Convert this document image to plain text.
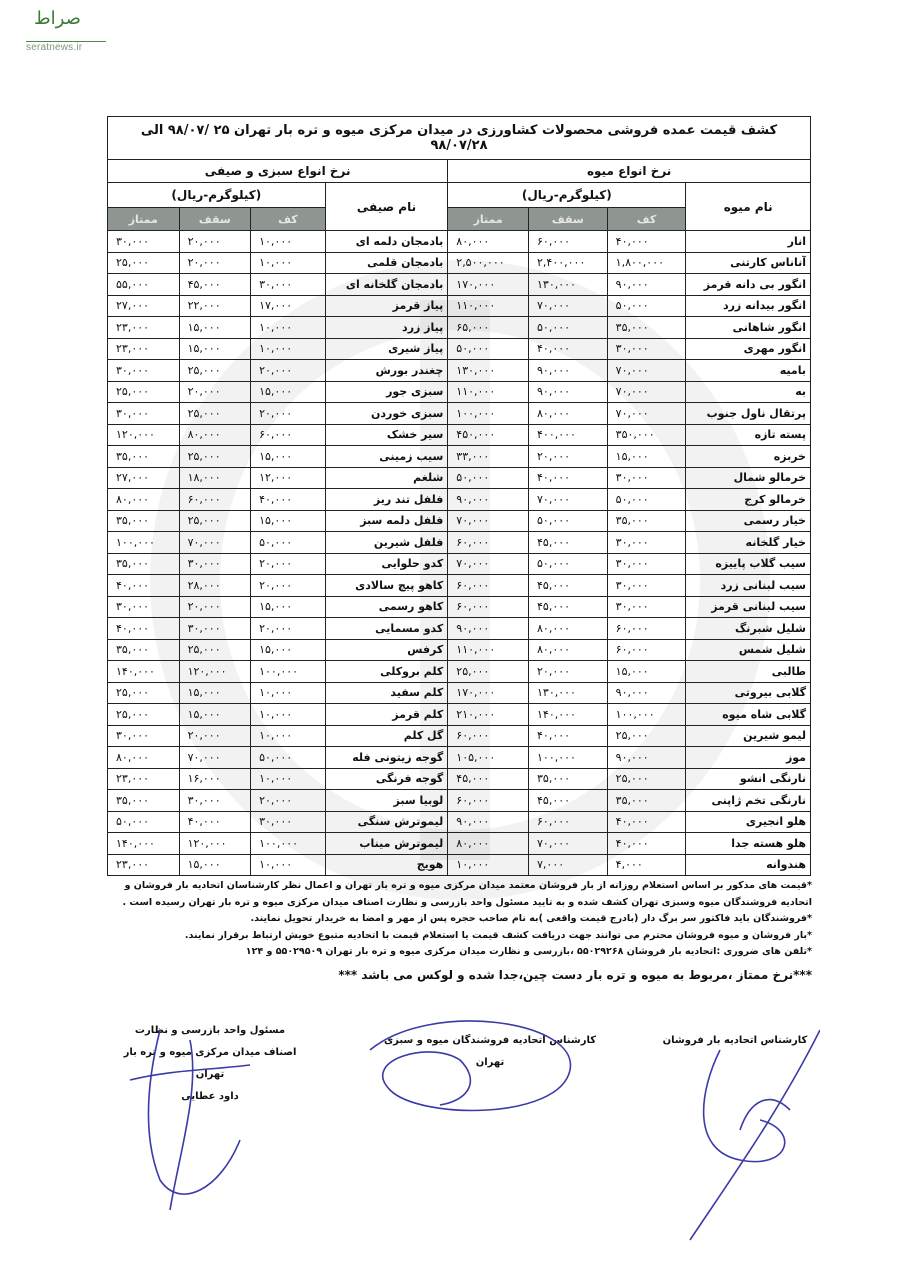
صراط
seratnews.ir
کشف قیمت عمده فروشی محصولات کشاورزی در میدان مرکزی میوه و تره بار تهران ۲۵ /۹۸/۰۷ الی ۹۸/۰۷/۲۸							
نرخ انواع میوه				نرخ انواع سبزی و صیفی			
نام میوه	(کیلوگرم-ریال)			نام صیفی	(کیلوگرم-ریال)		
	کف	سقف	ممتاز		کف	سقف	ممتاز
انار	۴۰,۰۰۰	۶۰,۰۰۰	۸۰,۰۰۰	بادمجان دلمه ای	۱۰,۰۰۰	۲۰,۰۰۰	۳۰,۰۰۰
آناناس کارتنی	۱,۸۰۰,۰۰۰	۲,۴۰۰,۰۰۰	۲,۵۰۰,۰۰۰	بادمجان قلمی	۱۰,۰۰۰	۲۰,۰۰۰	۲۵,۰۰۰
انگور بی دانه قرمز	۹۰,۰۰۰	۱۳۰,۰۰۰	۱۷۰,۰۰۰	بادمجان گلخانه ای	۳۰,۰۰۰	۴۵,۰۰۰	۵۵,۰۰۰
انگور بیدانه زرد	۵۰,۰۰۰	۷۰,۰۰۰	۱۱۰,۰۰۰	پیاز قرمز	۱۷,۰۰۰	۲۲,۰۰۰	۲۷,۰۰۰
انگور شاهانی	۳۵,۰۰۰	۵۰,۰۰۰	۶۵,۰۰۰	پیاز زرد	۱۰,۰۰۰	۱۵,۰۰۰	۲۳,۰۰۰
انگور مهری	۳۰,۰۰۰	۴۰,۰۰۰	۵۰,۰۰۰	پیاز شیری	۱۰,۰۰۰	۱۵,۰۰۰	۲۳,۰۰۰
بامیه	۷۰,۰۰۰	۹۰,۰۰۰	۱۳۰,۰۰۰	چغندر بورش	۲۰,۰۰۰	۲۵,۰۰۰	۳۰,۰۰۰
به	۷۰,۰۰۰	۹۰,۰۰۰	۱۱۰,۰۰۰	سبزی جور	۱۵,۰۰۰	۲۰,۰۰۰	۲۵,۰۰۰
پرتقال ناول جنوب	۷۰,۰۰۰	۸۰,۰۰۰	۱۰۰,۰۰۰	سبزی خوردن	۲۰,۰۰۰	۲۵,۰۰۰	۳۰,۰۰۰
پسته تازه	۳۵۰,۰۰۰	۴۰۰,۰۰۰	۴۵۰,۰۰۰	سیر خشک	۶۰,۰۰۰	۸۰,۰۰۰	۱۲۰,۰۰۰
خربزه	۱۵,۰۰۰	۲۰,۰۰۰	۳۳,۰۰۰	سیب زمینی	۱۵,۰۰۰	۲۵,۰۰۰	۳۵,۰۰۰
خرمالو شمال	۳۰,۰۰۰	۴۰,۰۰۰	۵۰,۰۰۰	شلغم	۱۲,۰۰۰	۱۸,۰۰۰	۲۷,۰۰۰
خرمالو کرج	۵۰,۰۰۰	۷۰,۰۰۰	۹۰,۰۰۰	فلفل تند ریز	۴۰,۰۰۰	۶۰,۰۰۰	۸۰,۰۰۰
خیار رسمی	۳۵,۰۰۰	۵۰,۰۰۰	۷۰,۰۰۰	فلفل دلمه سبز	۱۵,۰۰۰	۲۵,۰۰۰	۳۵,۰۰۰
خیار گلخانه	۳۰,۰۰۰	۴۵,۰۰۰	۶۰,۰۰۰	فلفل شیرین	۵۰,۰۰۰	۷۰,۰۰۰	۱۰۰,۰۰۰
سیب گلاب پاییزه	۳۰,۰۰۰	۵۰,۰۰۰	۷۰,۰۰۰	کدو حلوایی	۲۰,۰۰۰	۳۰,۰۰۰	۳۵,۰۰۰
سیب لبنانی زرد	۳۰,۰۰۰	۴۵,۰۰۰	۶۰,۰۰۰	کاهو پیچ سالادی	۲۰,۰۰۰	۲۸,۰۰۰	۴۰,۰۰۰
سیب لبنانی قرمز	۳۰,۰۰۰	۴۵,۰۰۰	۶۰,۰۰۰	کاهو رسمی	۱۵,۰۰۰	۲۰,۰۰۰	۳۰,۰۰۰
شلیل شبرنگ	۶۰,۰۰۰	۸۰,۰۰۰	۹۰,۰۰۰	کدو مسمایی	۲۰,۰۰۰	۳۰,۰۰۰	۴۰,۰۰۰
شلیل شمس	۶۰,۰۰۰	۸۰,۰۰۰	۱۱۰,۰۰۰	کرفس	۱۵,۰۰۰	۲۵,۰۰۰	۳۵,۰۰۰
طالبی	۱۵,۰۰۰	۲۰,۰۰۰	۲۵,۰۰۰	کلم بروکلی	۱۰۰,۰۰۰	۱۲۰,۰۰۰	۱۴۰,۰۰۰
گلابی بیروتی	۹۰,۰۰۰	۱۳۰,۰۰۰	۱۷۰,۰۰۰	کلم سفید	۱۰,۰۰۰	۱۵,۰۰۰	۲۵,۰۰۰
گلابی شاه میوه	۱۰۰,۰۰۰	۱۴۰,۰۰۰	۲۱۰,۰۰۰	کلم قرمز	۱۰,۰۰۰	۱۵,۰۰۰	۲۵,۰۰۰
لیمو شیرین	۲۵,۰۰۰	۴۰,۰۰۰	۶۰,۰۰۰	گل کلم	۱۰,۰۰۰	۲۰,۰۰۰	۳۰,۰۰۰
موز	۹۰,۰۰۰	۱۰۰,۰۰۰	۱۰۵,۰۰۰	گوجه زیتونی فله	۵۰,۰۰۰	۷۰,۰۰۰	۸۰,۰۰۰
نارنگی انشو	۲۵,۰۰۰	۳۵,۰۰۰	۴۵,۰۰۰	گوجه فرنگی	۱۰,۰۰۰	۱۶,۰۰۰	۲۳,۰۰۰
نارنگی تخم ژاپنی	۳۵,۰۰۰	۴۵,۰۰۰	۶۰,۰۰۰	لوبیا سبز	۲۰,۰۰۰	۳۰,۰۰۰	۳۵,۰۰۰
هلو انجیری	۴۰,۰۰۰	۶۰,۰۰۰	۹۰,۰۰۰	لیموترش سنگی	۳۰,۰۰۰	۴۰,۰۰۰	۵۰,۰۰۰
هلو هسته جدا	۴۰,۰۰۰	۷۰,۰۰۰	۸۰,۰۰۰	لیموترش میناب	۱۰۰,۰۰۰	۱۲۰,۰۰۰	۱۴۰,۰۰۰
هندوانه	۴,۰۰۰	۷,۰۰۰	۱۰,۰۰۰	هویج	۱۰,۰۰۰	۱۵,۰۰۰	۲۳,۰۰۰

*قیمت های مذکور بر اساس استعلام روزانه از بار فروشان معتمد میدان مرکزی میوه و تره بار تهران و اعمال نظر کارشناسان اتحادیه بار فروشان و

اتحادیه فروشندگان میوه وسبزی تهران کشف شده و به تایید مسئول واحد بازرسی و نظارت اصناف میدان مرکزی میوه و تره بار تهران رسیده است .

*فروشندگان باید فاکتور سر برگ دار (بادرج قیمت واقعی )به نام صاحب حجره پس از مهر و امضا به خریدار تحویل نمایند.

*بار فروشان و میوه فروشان محترم می توانند جهت دریافت کشف قیمت یا استعلام قیمت با اتحادیه متبوع خویش ارتباط برقرار نمایند.

*تلفن های ضروری :اتحادیه بار فروشان ۵۵۰۲۹۲۶۸ ،بازرسی و نظارت میدان مرکزی میوه و تره بار تهران ۵۵۰۲۹۵۰۹ و ۱۲۴

***نرخ ممتاز ،مربوط به میوه و تره بار دست چین،جدا شده و لوکس می باشد ***

مسئول واحد بازرسی و نظارت
اصناف میدان مرکزی میوه و تره بار تهران
داود عطایی
کارشناس اتحادیه فروشندگان میوه و سبزی تهران
کارشناس اتحادیه بار فروشان
